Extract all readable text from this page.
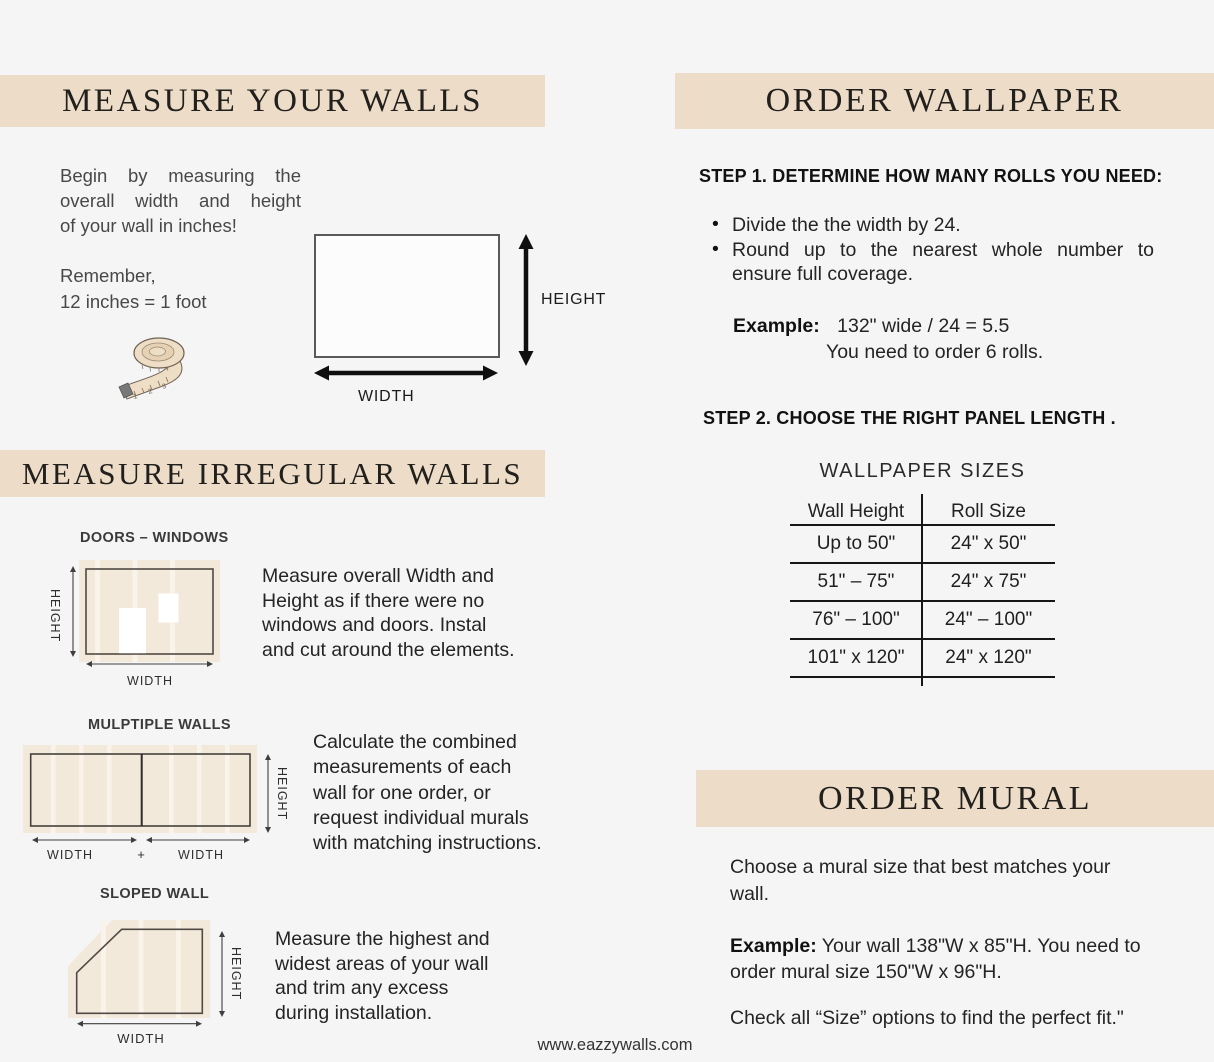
MEASURE YOUR WALLS
Begin by measuring the
overall width and height
of your wall in inches!
Remember,
12 inches = 1 foot
1
2
3
HEIGHT
WIDTH
MEASURE IRREGULAR WALLS
DOORS – WINDOWS
HEIGHT
WIDTH
Measure overall Width and
Height as if there were no
windows and doors. Instal
and cut around the elements.
MULPTIPLE WALLS
HEIGHT
WIDTH	+	WIDTH
Calculate the combined
measurements of each
wall for one order, or
request individual murals
with matching instructions.
SLOPED WALL
HEIGHT
WIDTH
Measure the highest and
widest areas of your wall
and trim any excess
during installation.
www.eazzywalls.com
ORDER WALLPAPER
STEP 1. DETERMINE HOW MANY ROLLS YOU NEED:
• Divide the the width by 24.
• Round up to the nearest whole number to
ensure full coverage.
Example: 132" wide / 24 = 5.5
You need to order 6 rolls.
STEP 2. CHOOSE THE RIGHT PANEL LENGTH .
WALLPAPER SIZES
Wall Height	Roll Size
Up to 50"	24" x 50"
51" – 75"	24" x 75"
76" – 100"	24" – 100"
101" x 120"	24" x 120"
ORDER MURAL
Choose a mural size that best matches your
wall.
Example: Your wall 138"W x 85"H. You need to
order mural size 150"W x 96"H.
Check all “Size” options to find the perfect fit."
